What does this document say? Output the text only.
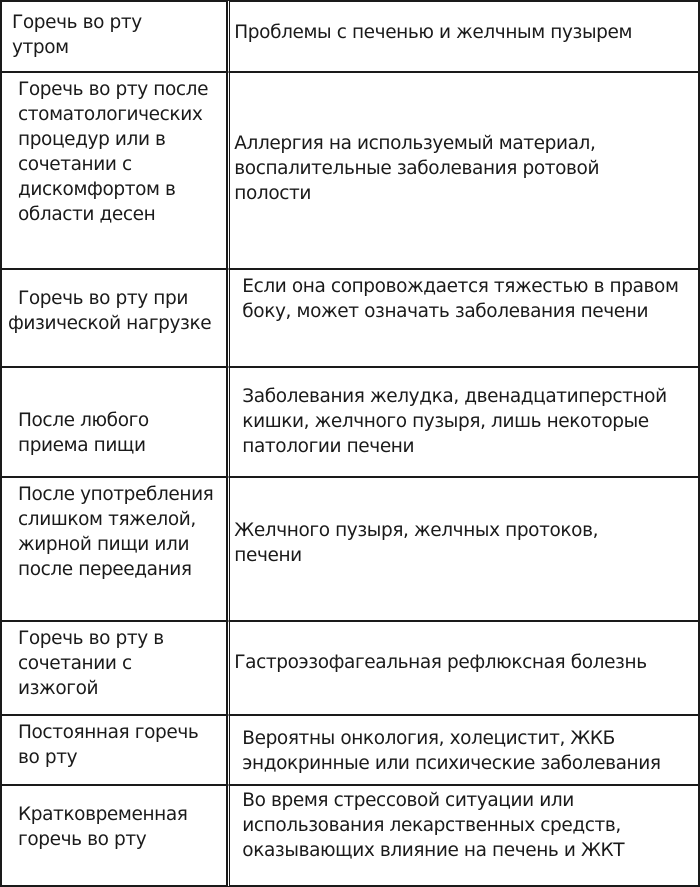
Горечь во рту утром	Проблемы с печенью и желчным пузырем

Горечь во рту после стоматологических процедур или в сочетании с дискомфортом в области десен	Аллергия на используемый материал, воспалительные заболевания ротовой полости

Горечь во рту при физической нагрузке	Если она сопровождается тяжестью в правом боку, может означать заболевания печени

После любого приема пищи	Заболевания желудка, двенадцатиперстной кишки, желчного пузыря, лишь некоторые патологии печени

После употребления слишком тяжелой, жирной пищи или после переедания	Желчного пузыря, желчных протоков, печени

Горечь во рту в сочетании с изжогой	Гастроэзофагеальная рефлюксная болезнь

Постоянная горечь во рту	Вероятны онкология, холецистит, ЖКБ эндокринные или психические заболевания

Кратковременная горечь во рту	Во время стрессовой ситуации или использования лекарственных средств, оказывающих влияние на печень и ЖКТ
